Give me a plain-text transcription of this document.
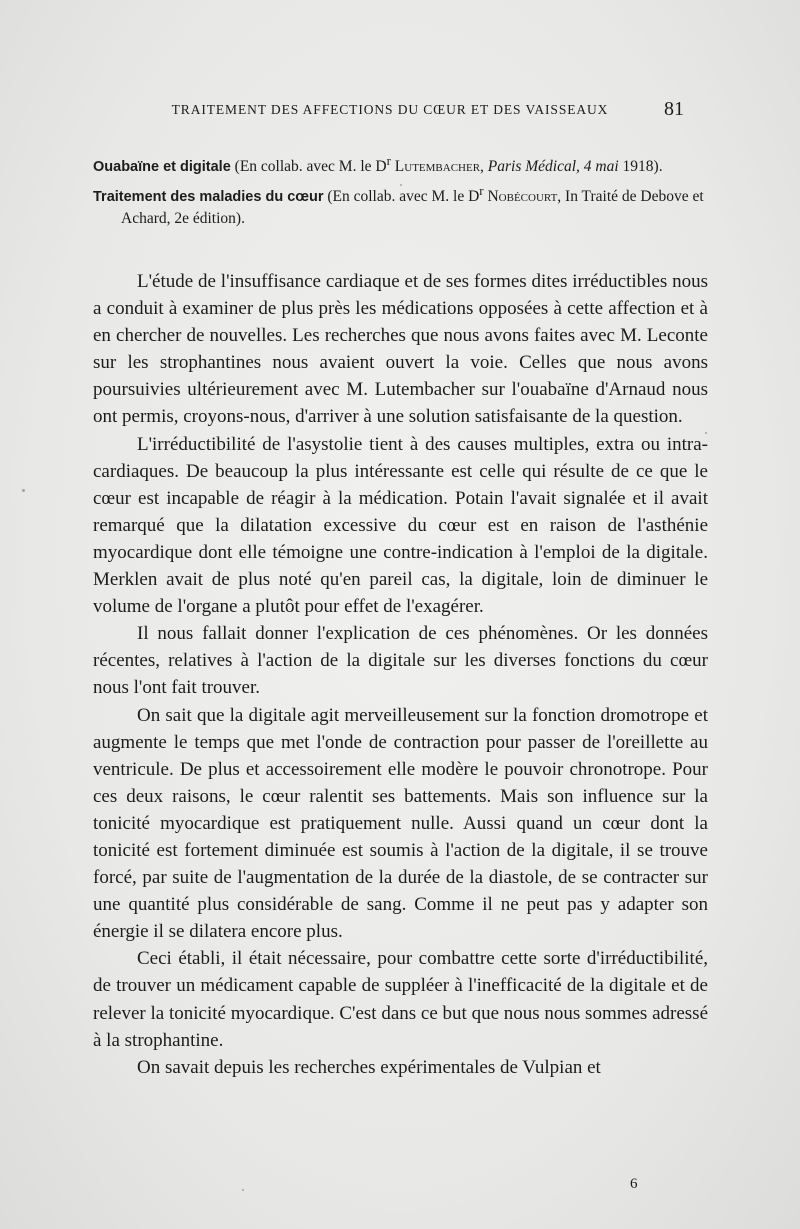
TRAITEMENT DES AFFECTIONS DU CŒUR ET DES VAISSEAUX	81
Ouabaïne et digitale (En collab. avec M. le $D^r$ Lutembacher, Paris Médical, 4 mai 1918).
Traitement des maladies du cœur (En collab. avec M. le $D^r$ Nobécourt, In Traité de Debove et Achard, 2e édition).

L'étude de l'insuffisance cardiaque et de ses formes dites irréductibles nous a conduit à examiner de plus près les médications opposées à cette affection et à en chercher de nouvelles. Les recherches que nous avons faites avec M. Leconte sur les strophantines nous avaient ouvert la voie. Celles que nous avons poursuivies ultérieurement avec M. Lutembacher sur l'ouabaïne d'Arnaud nous ont permis, croyons-nous, d'arriver à une solution satisfaisante de la question.

L'irréductibilité de l'asystolie tient à des causes multiples, extra ou intra-cardiaques. De beaucoup la plus intéressante est celle qui résulte de ce que le cœur est incapable de réagir à la médication. Potain l'avait signalée et il avait remarqué que la dilatation excessive du cœur est en raison de l'asthénie myocardique dont elle témoigne une contre-indication à l'emploi de la digitale. Merklen avait de plus noté qu'en pareil cas, la digitale, loin de diminuer le volume de l'organe a plutôt pour effet de l'exagérer.

Il nous fallait donner l'explication de ces phénomènes. Or les données récentes, relatives à l'action de la digitale sur les diverses fonctions du cœur nous l'ont fait trouver.

On sait que la digitale agit merveilleusement sur la fonction dromotrope et augmente le temps que met l'onde de contraction pour passer de l'oreillette au ventricule. De plus et accessoirement elle modère le pouvoir chronotrope. Pour ces deux raisons, le cœur ralentit ses battements. Mais son influence sur la tonicité myocardique est pratiquement nulle. Aussi quand un cœur dont la tonicité est fortement diminuée est soumis à l'action de la digitale, il se trouve forcé, par suite de l'augmentation de la durée de la diastole, de se contracter sur une quantité plus considérable de sang. Comme il ne peut pas y adapter son énergie il se dilatera encore plus.

Ceci établi, il était nécessaire, pour combattre cette sorte d'irréductibilité, de trouver un médicament capable de suppléer à l'inefficacité de la digitale et de relever la tonicité myocardique. C'est dans ce but que nous nous sommes adressé à la strophantine.

On savait depuis les recherches expérimentales de Vulpian et

6
